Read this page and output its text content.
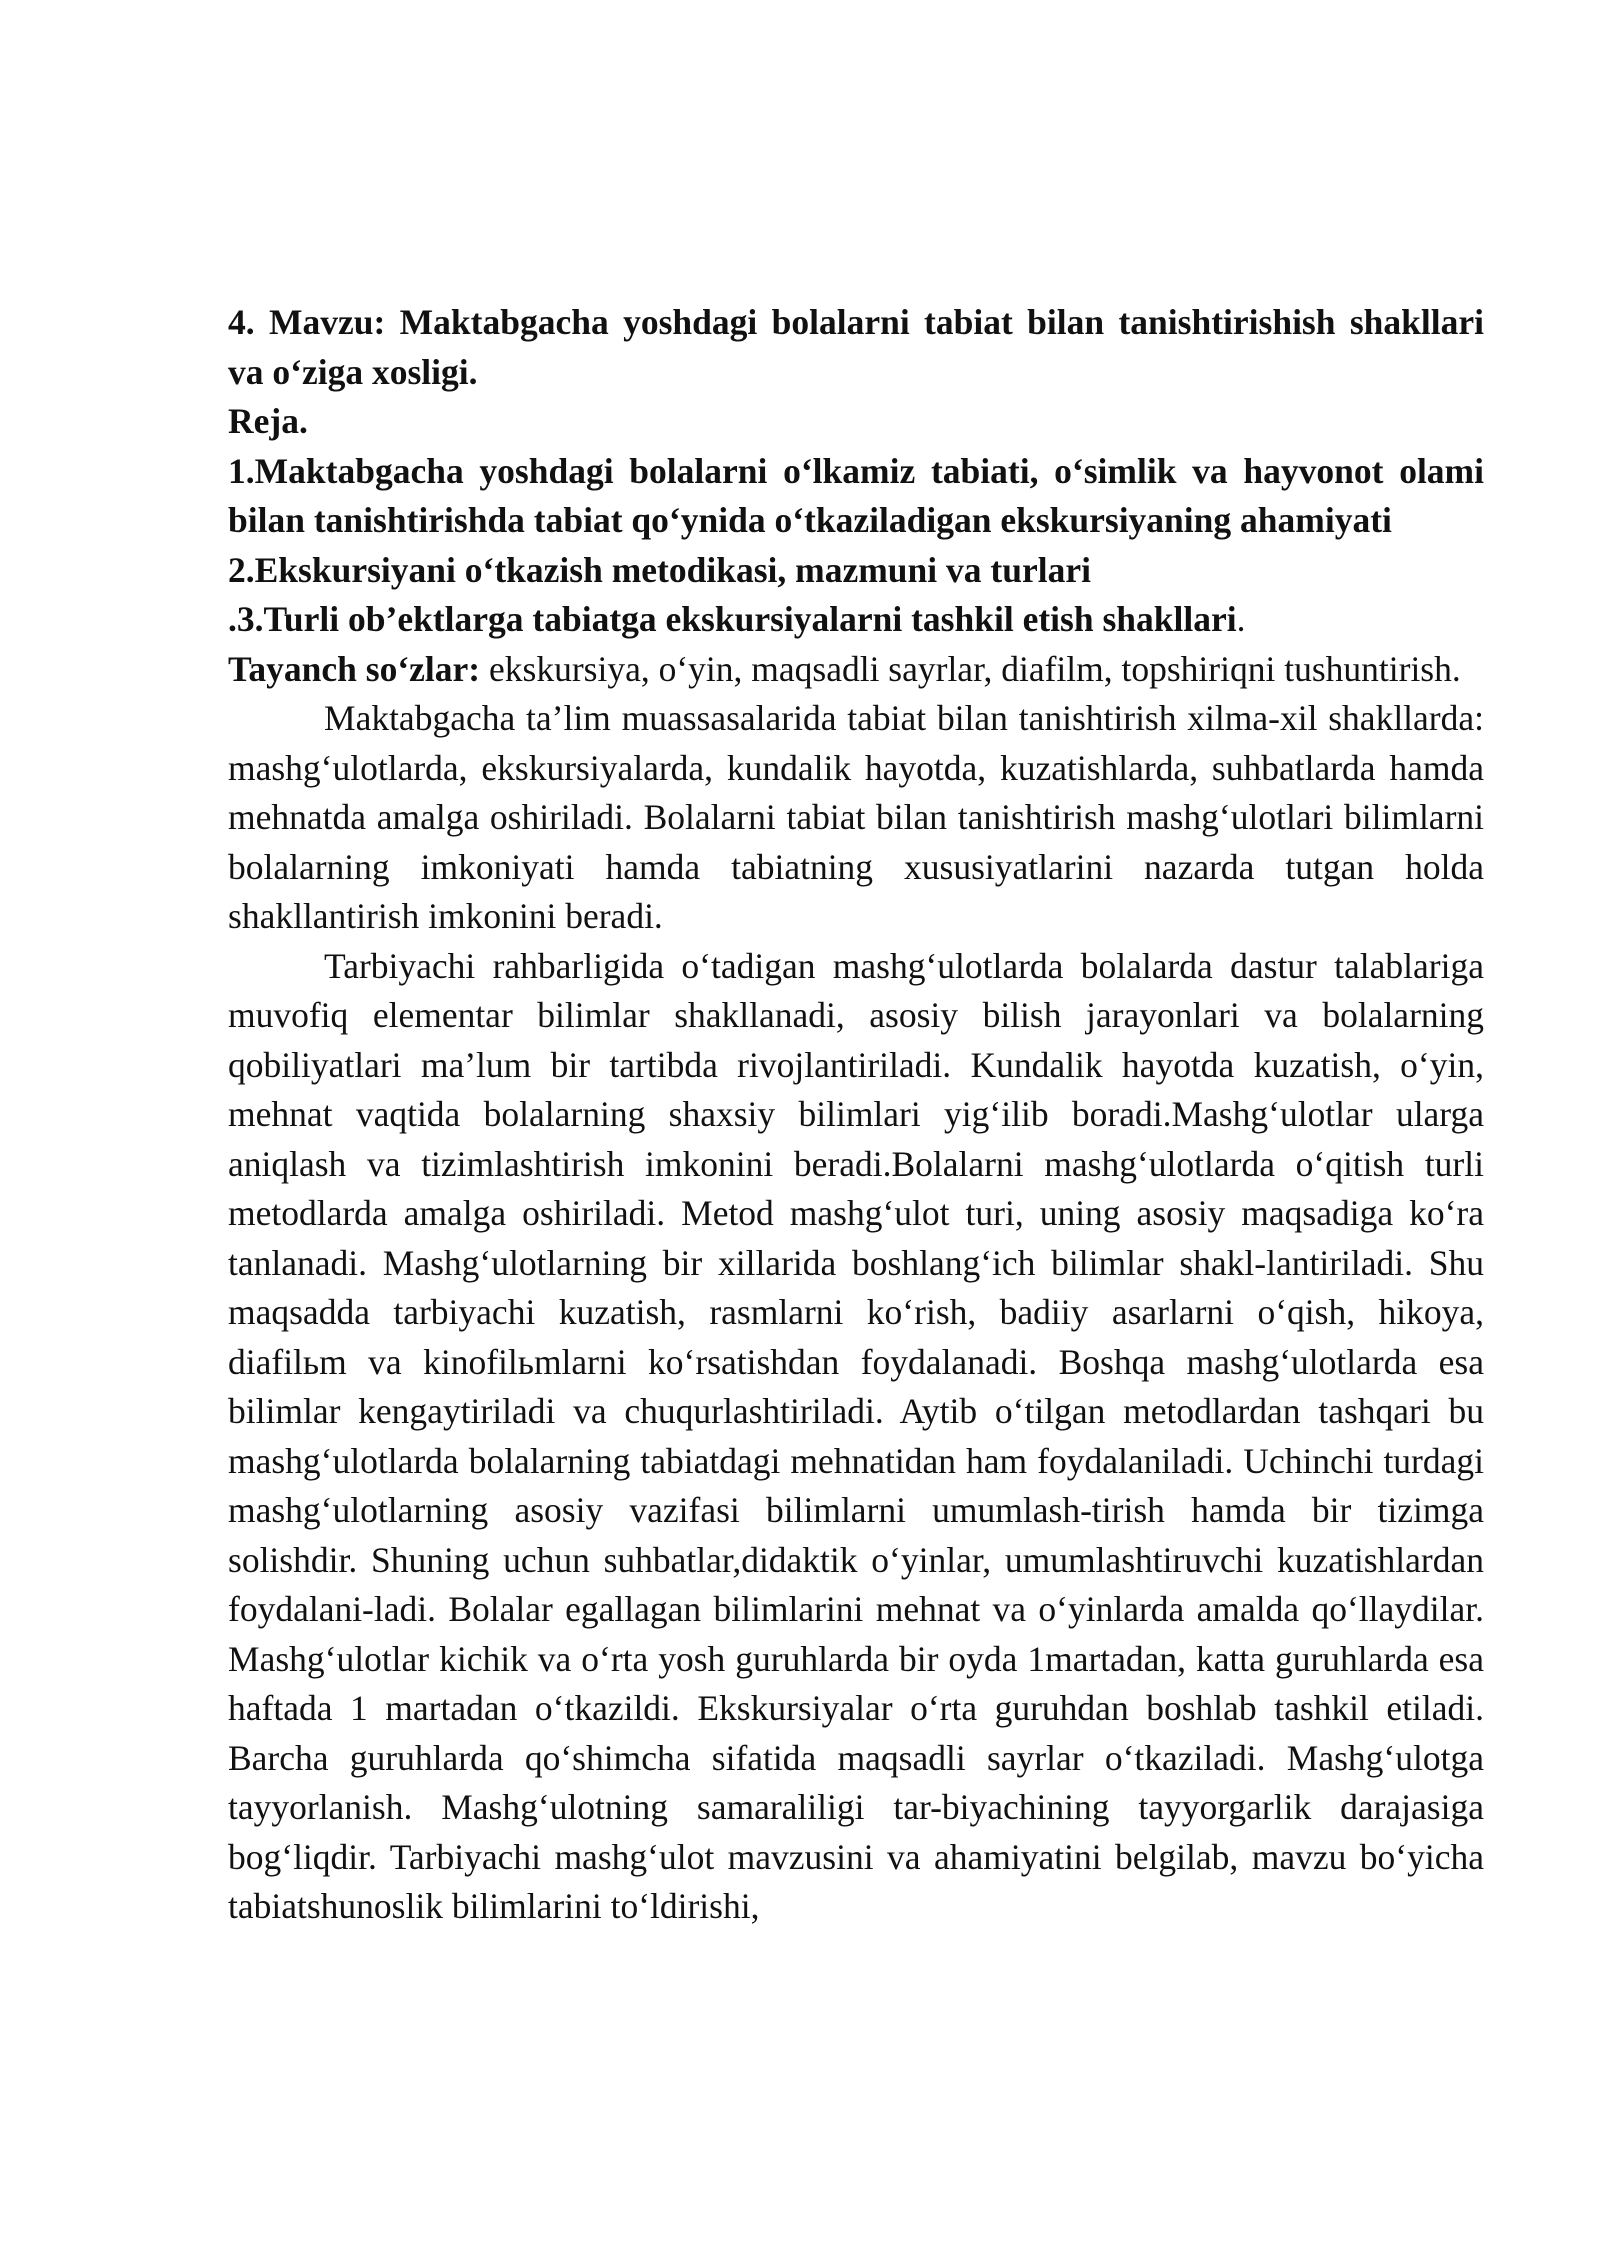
4. Mavzu: Maktabgacha yoshdagi bolalarni tabiat bilan tanishtirishish shakllari va o‘ziga xosligi.

Reja.

1.Maktabgacha yoshdagi bolalarni o‘lkamiz tabiati, o‘simlik va hayvonot olami bilan tanishtirishda tabiat qo‘ynida o‘tkaziladigan ekskursiyaning ahamiyati

2.Ekskursiyani o‘tkazish metodikasi, mazmuni va turlari

.3.Turli ob’ektlarga tabiatga ekskursiyalarni tashkil etish shakllari.

Tayanch so‘zlar: ekskursiya, o‘yin, maqsadli sayrlar, diafilm, topshiriqni tushuntirish.

Maktabgacha ta’lim muassasalarida tabiat bilan tanishtirish xilma-xil shakllarda: mashg‘ulotlarda, ekskursiyalarda, kundalik hayotda, kuzatishlarda, suhbatlarda hamda mehnatda amalga oshiriladi. Bolalarni tabiat bilan tanishtirish mashg‘ulotlari bilimlarni bolalarning imkoniyati hamda tabiatning xususiyatlarini nazarda tutgan holda shakllantirish imkonini beradi.

Tarbiyachi rahbarligida o‘tadigan mashg‘ulotlarda bolalarda dastur talablariga muvofiq elementar bilimlar shakllanadi, asosiy bilish jarayonlari va bolalarning qobiliyatlari ma’lum bir tartibda rivojlantiriladi. Kundalik hayotda kuzatish, o‘yin, mehnat vaqtida bolalarning shaxsiy bilimlari yig‘ilib boradi.Mashg‘ulotlar ularga aniqlash va tizimlashtirish imkonini beradi.Bolalarni mashg‘ulotlarda o‘qitish turli metodlarda amalga oshiriladi. Metod mashg‘ulot turi, uning asosiy maqsadiga ko‘ra tanlanadi. Mashg‘ulotlarning bir xillarida boshlang‘ich bilimlar shakl-lantiriladi. Shu maqsadda tarbiyachi kuzatish, rasmlarni ko‘rish, badiiy asarlarni o‘qish, hikoya, diafilьm va kinofilьmlarni ko‘rsatishdan foydalanadi. Boshqa mashg‘ulotlarda esa bilimlar kengaytiriladi va chuqurlashtiriladi. Aytib o‘tilgan metodlardan tashqari bu mashg‘ulotlarda bolalarning tabiatdagi mehnatidan ham foydalaniladi. Uchinchi turdagi mashg‘ulotlarning asosiy vazifasi bilimlarni umumlash-tirish hamda bir tizimga solishdir. Shuning uchun suhbatlar,didaktik o‘yinlar, umumlashtiruvchi kuzatishlardan foydalani-ladi. Bolalar egallagan bilimlarini mehnat va o‘yinlarda amalda qo‘llaydilar. Mashg‘ulotlar kichik va o‘rta yosh guruhlarda bir oyda 1martadan, katta guruhlarda esa haftada 1 martadan o‘tkazildi. Ekskursiyalar o‘rta guruhdan boshlab tashkil etiladi. Barcha guruhlarda qo‘shimcha sifatida maqsadli sayrlar o‘tkaziladi. Mashg‘ulotga tayyorlanish. Mashg‘ulotning samaraliligi tar-biyachining tayyorgarlik darajasiga bog‘liqdir. Tarbiyachi mashg‘ulot mavzusini va ahamiyatini belgilab, mavzu bo‘yicha tabiatshunoslik bilimlarini to‘ldirishi,
